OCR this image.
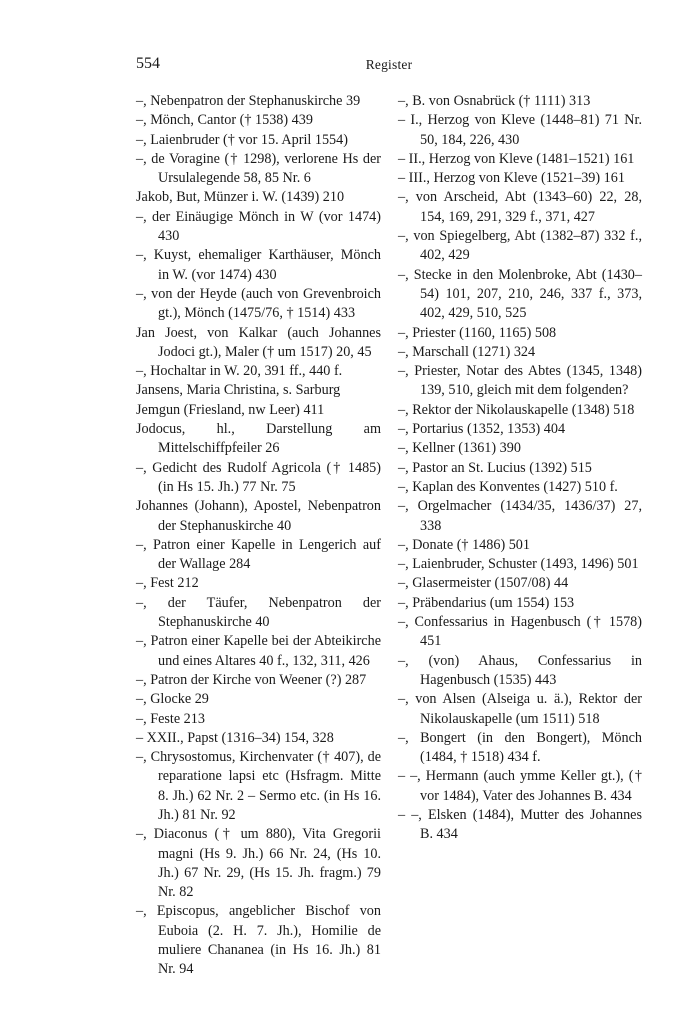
554	Register

–, Nebenpatron der Stephanuskirche 39

–, Mönch, Cantor († 1538) 439

–, Laienbruder († vor 15. April 1554)

–, de Voragine († 1298), verlorene Hs der Ursulalegende 58, 85 Nr. 6

Jakob, But, Münzer i. W. (1439) 210

–, der Einäugige Mönch in W (vor 1474) 430

–, Kuyst, ehemaliger Karthäuser, Mönch in W. (vor 1474) 430

–, von der Heyde (auch von Grevenbroich gt.), Mönch (1475/76, † 1514) 433

Jan Joest, von Kalkar (auch Johannes Jodoci gt.), Maler († um 1517) 20, 45

–, Hochaltar in W. 20, 391 ff., 440 f.

Jansens, Maria Christina, s. Sarburg

Jemgun (Friesland, nw Leer) 411

Jodocus, hl., Darstellung am Mittelschiffpfeiler 26

–, Gedicht des Rudolf Agricola († 1485) (in Hs 15. Jh.) 77 Nr. 75

Johannes (Johann), Apostel, Nebenpatron der Stephanuskirche 40

–, Patron einer Kapelle in Lengerich auf der Wallage 284

–, Fest 212

–, der Täufer, Nebenpatron der Stephanuskirche 40

–, Patron einer Kapelle bei der Abteikirche und eines Altares 40 f., 132, 311, 426

–, Patron der Kirche von Weener (?) 287

–, Glocke 29

–, Feste 213

– XXII., Papst (1316–34) 154, 328

–, Chrysostomus, Kirchenvater († 407), de reparatione lapsi etc (Hsfragm. Mitte 8. Jh.) 62 Nr. 2 – Sermo etc. (in Hs 16. Jh.) 81 Nr. 92

–, Diaconus († um 880), Vita Gregorii magni (Hs 9. Jh.) 66 Nr. 24, (Hs 10. Jh.) 67 Nr. 29, (Hs 15. Jh. fragm.) 79 Nr. 82

–, Episcopus, angeblicher Bischof von Euboia (2. H. 7. Jh.), Homilie de muliere Chananea (in Hs 16. Jh.) 81 Nr. 94

–, B. von Osnabrück († 1111) 313

– I., Herzog von Kleve (1448–81) 71 Nr. 50, 184, 226, 430

– II., Herzog von Kleve (1481–1521) 161

– III., Herzog von Kleve (1521–39) 161

–, von Arscheid, Abt (1343–60) 22, 28, 154, 169, 291, 329 f., 371, 427

–, von Spiegelberg, Abt (1382–87) 332 f., 402, 429

–, Stecke in den Molenbroke, Abt (1430–54) 101, 207, 210, 246, 337 f., 373, 402, 429, 510, 525

–, Priester (1160, 1165) 508

–, Marschall (1271) 324

–, Priester, Notar des Abtes (1345, 1348) 139, 510, gleich mit dem folgenden?

–, Rektor der Nikolauskapelle (1348) 518

–, Portarius (1352, 1353) 404

–, Kellner (1361) 390

–, Pastor an St. Lucius (1392) 515

–, Kaplan des Konventes (1427) 510 f.

–, Orgelmacher (1434/35, 1436/37) 27, 338

–, Donate († 1486) 501

–, Laienbruder, Schuster (1493, 1496) 501

–, Glasermeister (1507/08) 44

–, Präbendarius (um 1554) 153

–, Confessarius in Hagenbusch († 1578) 451

–, (von) Ahaus, Confessarius in Hagenbusch (1535) 443

–, von Alsen (Alseiga u. ä.), Rektor der Nikolauskapelle (um 1511) 518

–, Bongert (in den Bongert), Mönch (1484, † 1518) 434 f.

– –, Hermann (auch ymme Keller gt.), († vor 1484), Vater des Johannes B. 434

– –, Elsken (1484), Mutter des Johannes B. 434
